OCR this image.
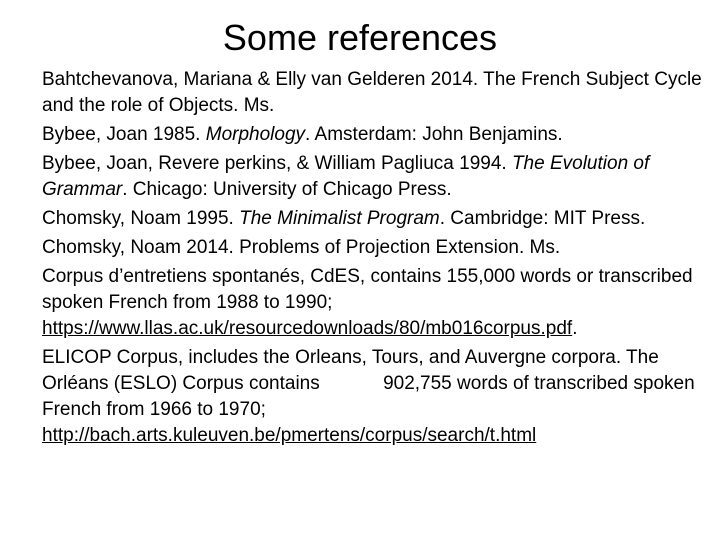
Some references

Bahtchevanova, Mariana & Elly van Gelderen 2014. The French Subject Cycle and the role of Objects. Ms.

Bybee, Joan 1985. Morphology. Amsterdam: John Benjamins.

Bybee, Joan, Revere perkins, & William Pagliuca 1994. The Evolution of Grammar. Chicago: University of Chicago Press.

Chomsky, Noam 1995. The Minimalist Program. Cambridge: MIT Press.

Chomsky, Noam 2014. Problems of Projection Extension. Ms.

Corpus d’entretiens spontanés, CdES, contains 155,000 words or transcribed spoken French from 1988 to 1990; https://www.llas.ac.uk/resourcedownloads/80/mb016corpus.pdf.

ELICOP Corpus, includes the Orleans, Tours, and Auvergne corpora. The Orléans (ESLO) Corpus contains            902,755 words of transcribed spoken French from 1966 to 1970; http://bach.arts.kuleuven.be/pmertens/corpus/search/t.html
